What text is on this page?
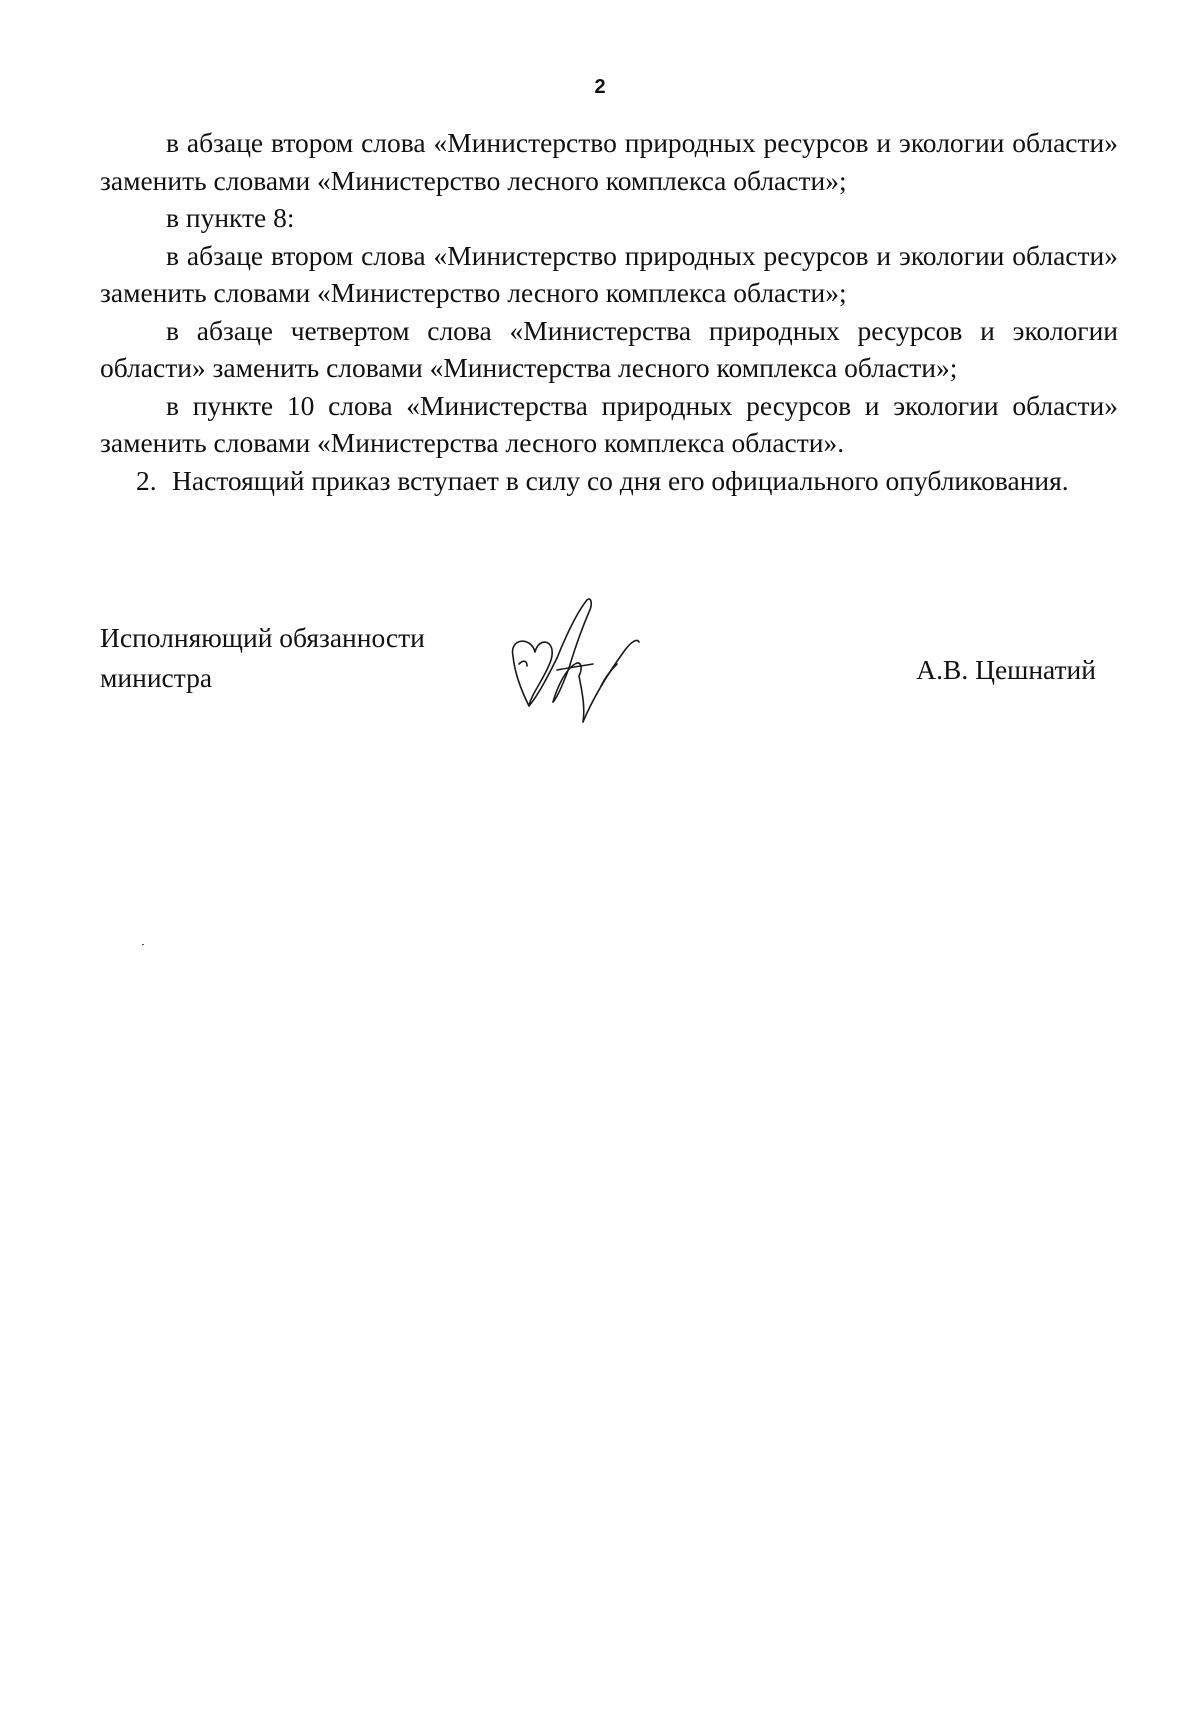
2

в абзаце втором слова «Министерство природных ресурсов и экологии области» заменить словами «Министерство лесного комплекса области»;

в пункте 8:

в абзаце втором слова «Министерство природных ресурсов и экологии области» заменить словами «Министерство лесного комплекса области»;

в абзаце четвертом слова «Министерства природных ресурсов и экологии области» заменить словами «Министерства лесного комплекса области»;

в пункте 10 слова «Министерства природных ресурсов и экологии области» заменить словами «Министерства лесного комплекса области».

2. Настоящий приказ вступает в силу со дня его официального опубликования.

Исполняющий обязанности
министра	А.В. Цешнатий
